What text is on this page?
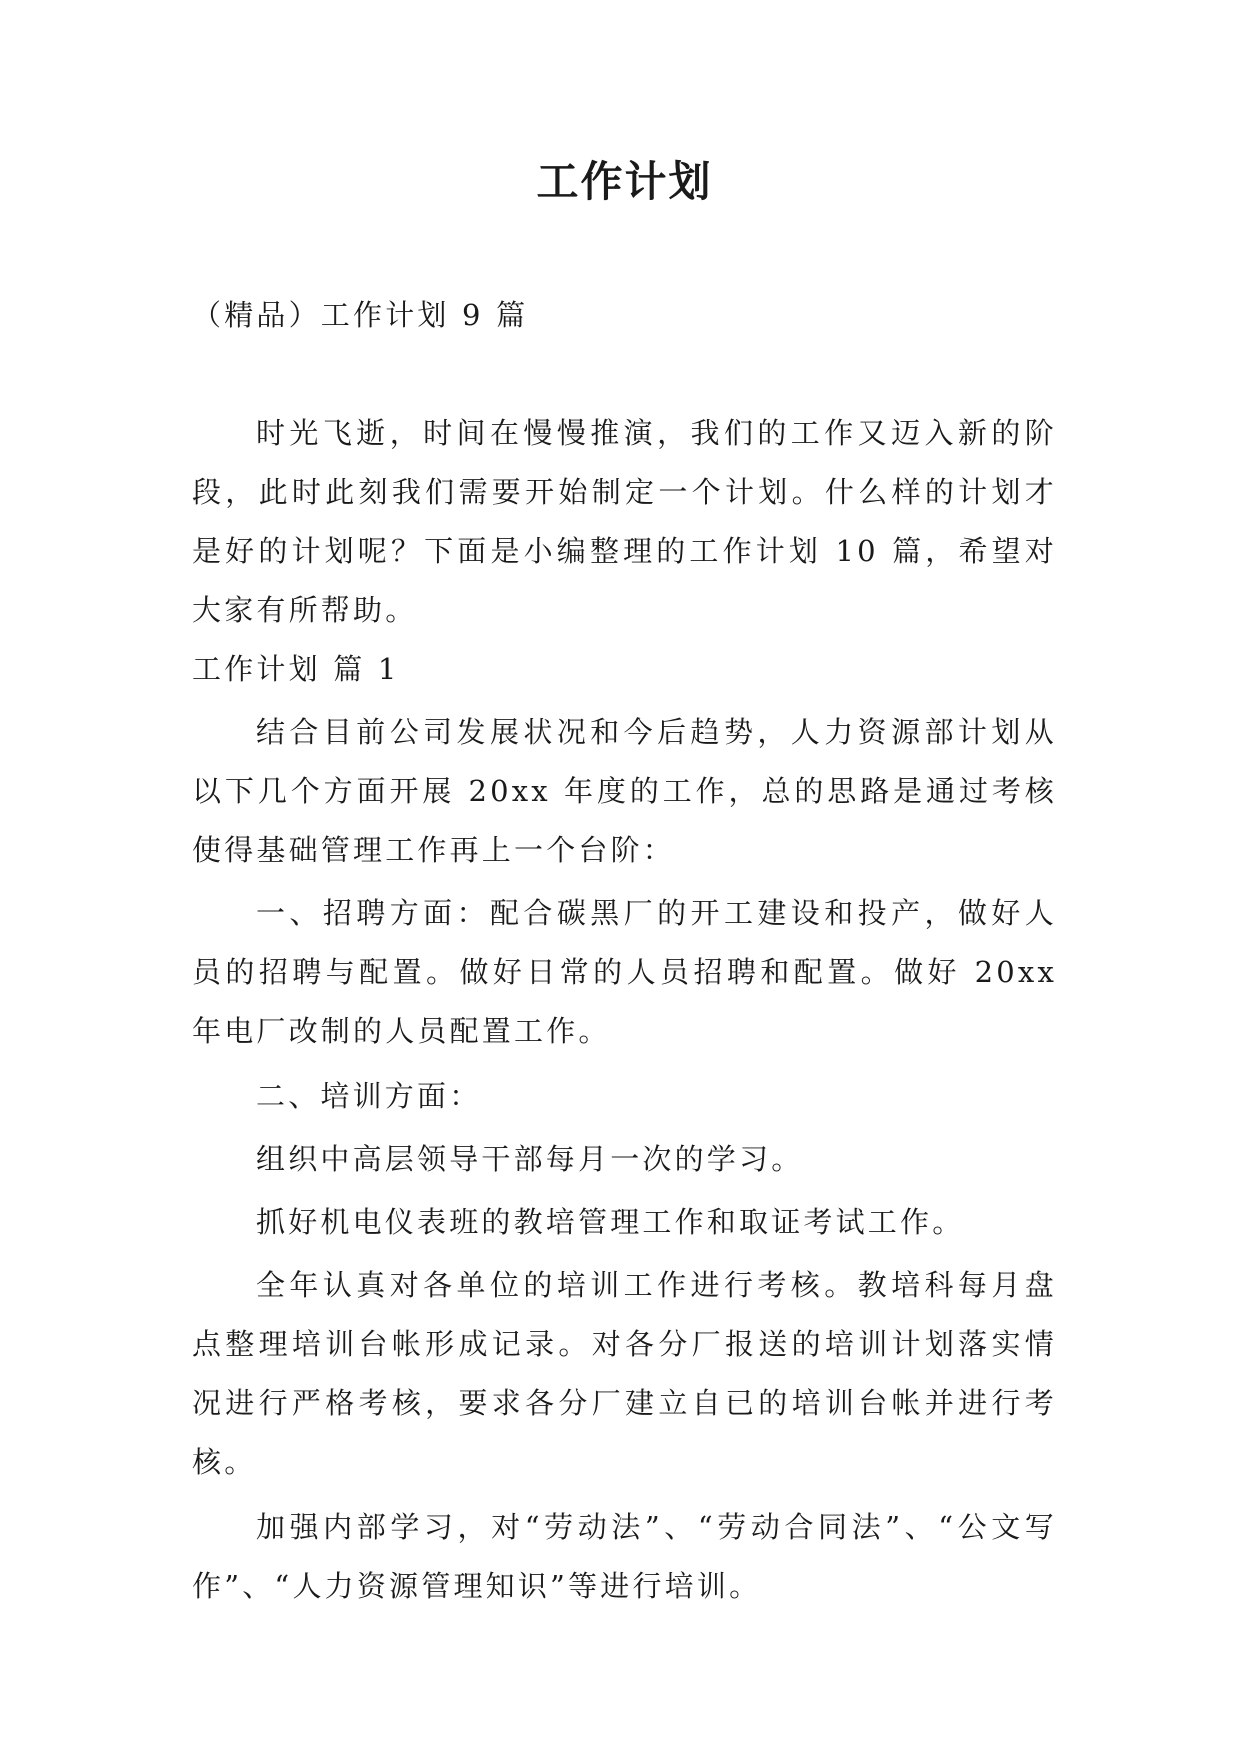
工作计划

（精品）工作计划 9 篇

时光飞逝，时间在慢慢推演，我们的工作又迈入新的阶段，此时此刻我们需要开始制定一个计划。什么样的计划才是好的计划呢？下面是小编整理的工作计划 10 篇，希望对大家有所帮助。

工作计划 篇 1

结合目前公司发展状况和今后趋势，人力资源部计划从以下几个方面开展 20xx 年度的工作，总的思路是通过考核使得基础管理工作再上一个台阶：

一、招聘方面：配合碳黑厂的开工建设和投产，做好人员的招聘与配置。做好日常的人员招聘和配置。做好 20xx 年电厂改制的人员配置工作。

二、培训方面：

组织中高层领导干部每月一次的学习。

抓好机电仪表班的教培管理工作和取证考试工作。

全年认真对各单位的培训工作进行考核。教培科每月盘点整理培训台帐形成记录。对各分厂报送的培训计划落实情况进行严格考核，要求各分厂建立自已的培训台帐并进行考核。

加强内部学习，对“劳动法”、“劳动合同法”、“公文写作”、“人力资源管理知识”等进行培训。
